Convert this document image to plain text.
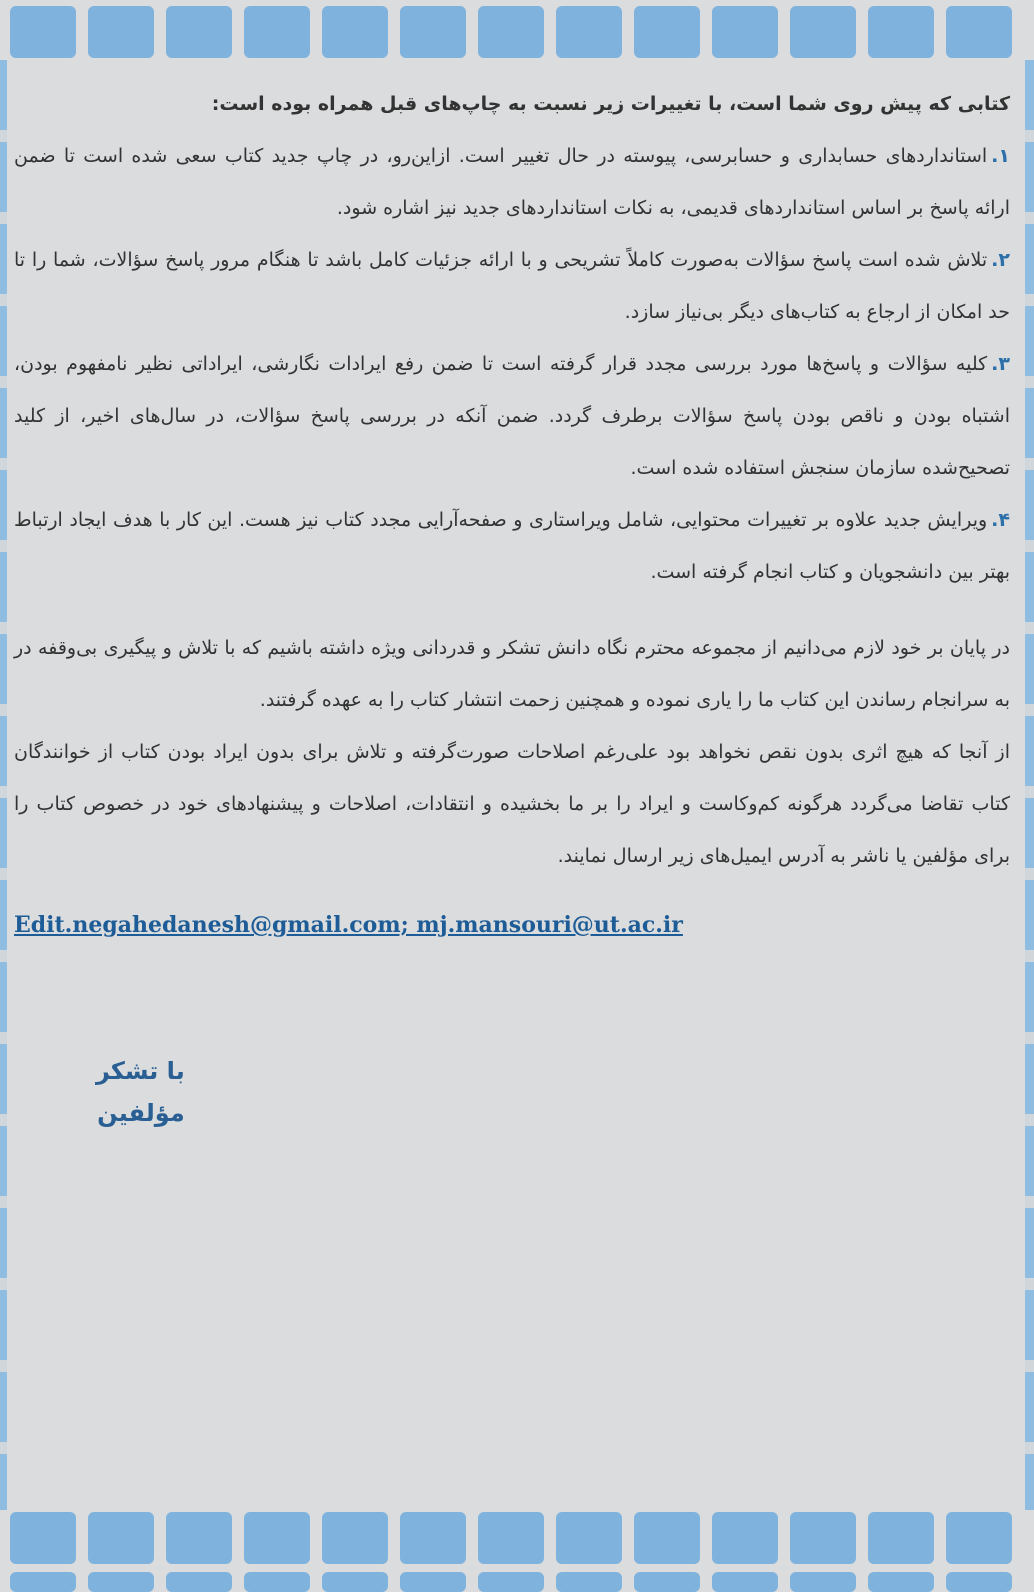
کتابی که پیش روی شما است، با تغییرات زیر نسبت به چاپ‌های قبل همراه بوده است:

۱.استانداردهای حسابداری و حسابرسی، پیوسته در حال تغییر است. ازاین‌رو، در چاپ جدید کتاب سعی شده است تا ضمن ارائه پاسخ بر اساس استانداردهای قدیمی، به نکات استانداردهای جدید نیز اشاره شود.

۲.تلاش شده است پاسخ سؤالات به‌صورت کاملاً تشریحی و با ارائه جزئیات کامل باشد تا هنگام مرور پاسخ سؤالات، شما را تا حد امکان از ارجاع به کتاب‌های دیگر بی‌نیاز سازد.

۳.کلیه سؤالات و پاسخ‌ها مورد بررسی مجدد قرار گرفته است تا ضمن رفع ایرادات نگارشی، ایراداتی نظیر نامفهوم بودن، اشتباه بودن و ناقص بودن پاسخ سؤالات برطرف گردد. ضمن آنکه در بررسی پاسخ سؤالات، در سال‌های اخیر، از کلید تصحیح‌شده سازمان سنجش استفاده شده است.

۴.ویرایش جدید علاوه بر تغییرات محتوایی، شامل ویراستاری و صفحه‌آرایی مجدد کتاب نیز هست. این کار با هدف ایجاد ارتباط بهتر بین دانشجویان و کتاب انجام گرفته است.

در پایان بر خود لازم می‌دانیم از مجموعه محترم نگاه دانش تشکر و قدردانی ویژه داشته باشیم که با تلاش و پیگیری بی‌وقفه در به سرانجام رساندن این کتاب ما را یاری نموده و همچنین زحمت انتشار کتاب را به عهده گرفتند.

از آنجا که هیچ اثری بدون نقص نخواهد بود علی‌رغم اصلاحات صورت‌گرفته و تلاش برای بدون ایراد بودن کتاب از خوانندگان کتاب تقاضا می‌گردد هرگونه کم‌وکاست و ایراد را بر ما بخشیده و انتقادات، اصلاحات و پیشنهادهای خود در خصوص کتاب را برای مؤلفین یا ناشر به آدرس ایمیل‌های زیر ارسال نمایند.

Edit.negahedanesh@gmail.com; mj.mansouri@ut.ac.ir
با تشکر
مؤلفین
